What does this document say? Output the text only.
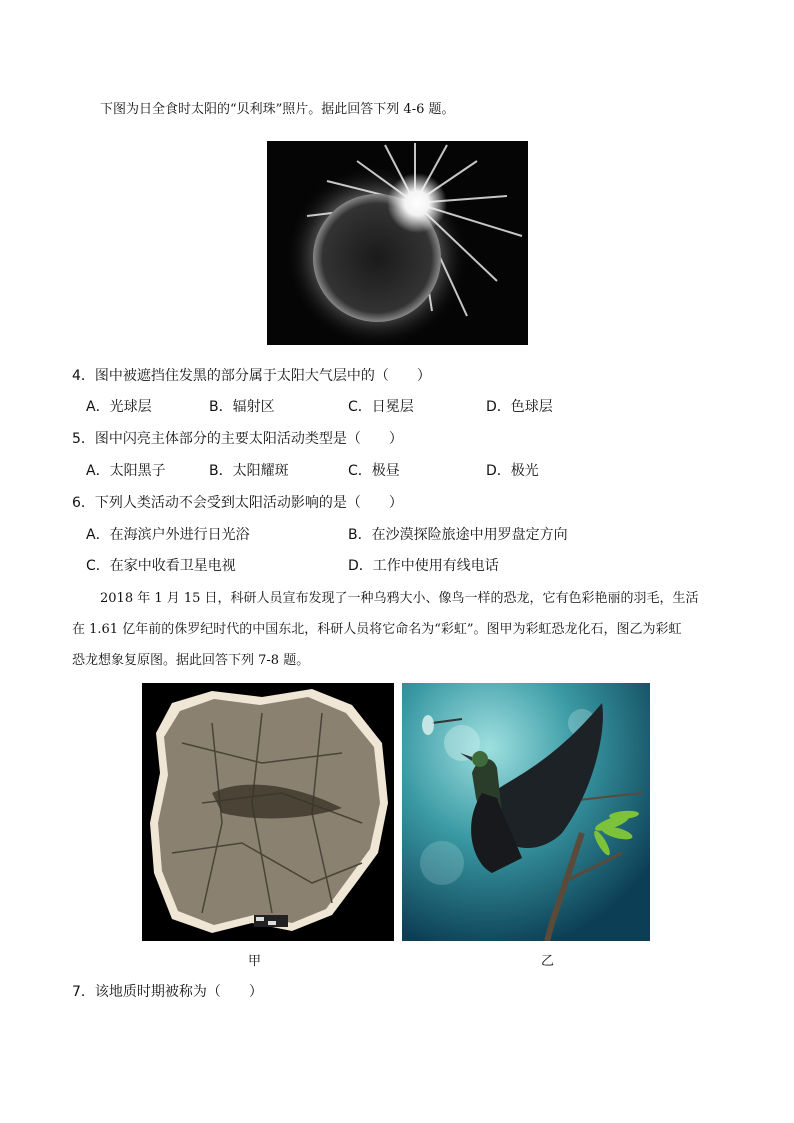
下图为日全食时太阳的“贝利珠”照片。据此回答下列 4-6 题。
4．图中被遮挡住发黑的部分属于太阳大气层中的（　　）
A．光球层	B．辐射区	C．日冕层	D．色球层
5．图中闪亮主体部分的主要太阳活动类型是（　　）
A．太阳黑子	B．太阳耀斑	C．极昼	D．极光
6．下列人类活动不会受到太阳活动影响的是（　　）
A．在海滨户外进行日光浴	B．在沙漠探险旅途中用罗盘定方向
C．在家中收看卫星电视	D．工作中使用有线电话
2018 年 1 月 15 日，科研人员宣布发现了一种乌鸦大小、像鸟一样的恐龙，它有色彩艳丽的羽毛，生活
在 1.61 亿年前的侏罗纪时代的中国东北，科研人员将它命名为“彩虹”。图甲为彩虹恐龙化石，图乙为彩虹
恐龙想象复原图。据此回答下列 7-8 题。
甲	乙
7．该地质时期被称为（　　）
